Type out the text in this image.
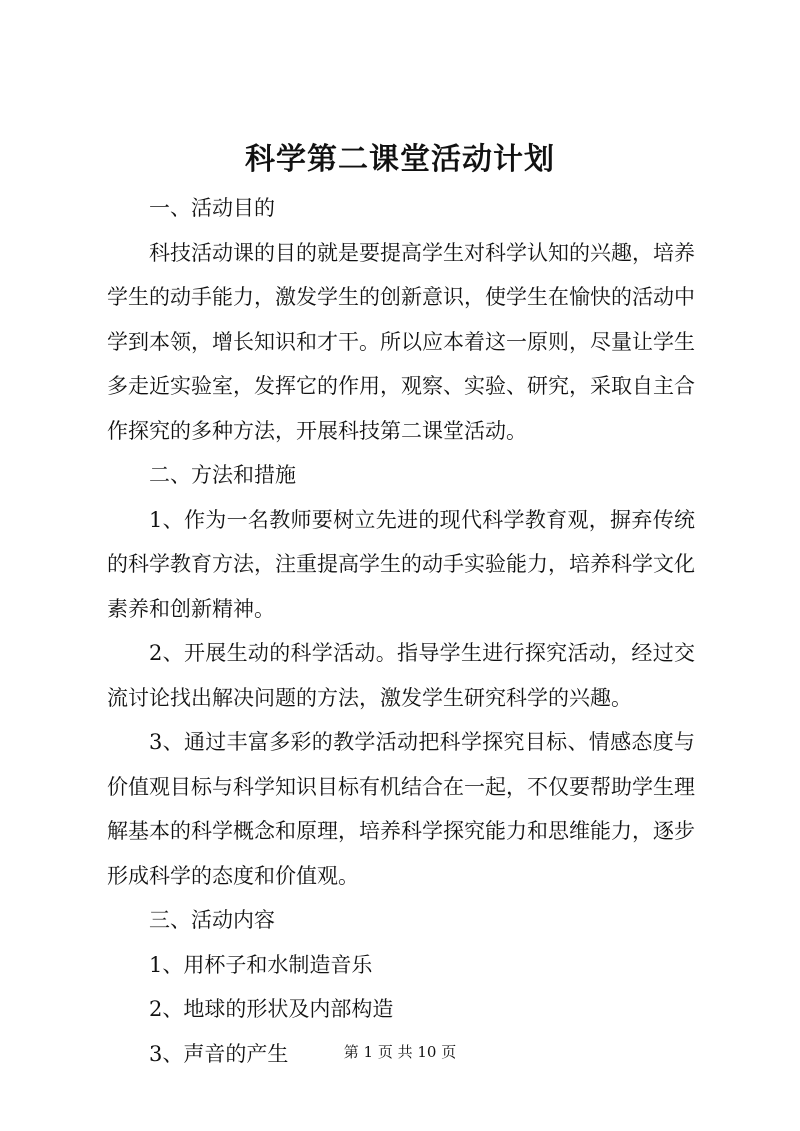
科学第二课堂活动计划

一、活动目的

科技活动课的目的就是要提高学生对科学认知的兴趣，培养学生的动手能力，激发学生的创新意识，使学生在愉快的活动中学到本领，增长知识和才干。所以应本着这一原则，尽量让学生多走近实验室，发挥它的作用，观察、实验、研究，采取自主合作探究的多种方法，开展科技第二课堂活动。

二、方法和措施

1、作为一名教师要树立先进的现代科学教育观，摒弃传统的科学教育方法，注重提高学生的动手实验能力，培养科学文化素养和创新精神。

2、开展生动的科学活动。指导学生进行探究活动，经过交流讨论找出解决问题的方法，激发学生研究科学的兴趣。

3、通过丰富多彩的教学活动把科学探究目标、情感态度与价值观目标与科学知识目标有机结合在一起，不仅要帮助学生理解基本的科学概念和原理，培养科学探究能力和思维能力，逐步形成科学的态度和价值观。

三、活动内容

1、用杯子和水制造音乐

2、地球的形状及内部构造

3、声音的产生	第 1 页 共 10 页
